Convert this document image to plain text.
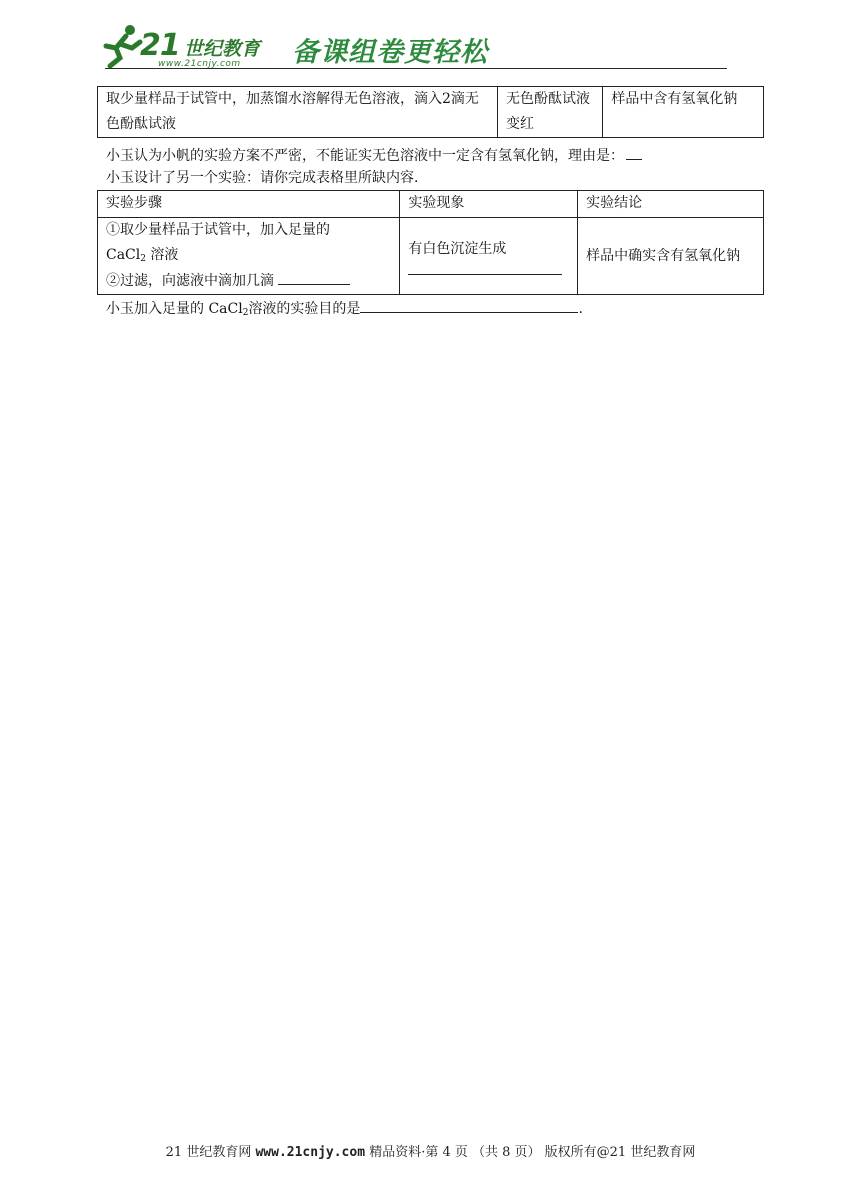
21 世纪教育
www.21cnjy.com 备课组卷更轻松
取少量样品于试管中，加蒸馏水溶解得无色溶液，滴入2滴无色酚酞试液	无色酚酞试液变红	样品中含有氢氧化钠
小玉认为小帆的实验方案不严密，不能证实无色溶液中一定含有氢氧化钠，理由是：
小玉设计了另一个实验：请你完成表格里所缺内容.
实验步骤	实验现象	实验结论

①取少量样品于试管中，加入足量的
CaCl$_2$ 溶液
②过滤，向滤液中滴加几滴	有白色沉淀生成	样品中确实含有氢氧化钠
小玉加入足量的 CaCl$_2$溶液的实验目的是	.
21 世纪教育网 www.21cnjy.com 精品资料·第 4 页 （共 8 页） 版权所有@21 世纪教育网
